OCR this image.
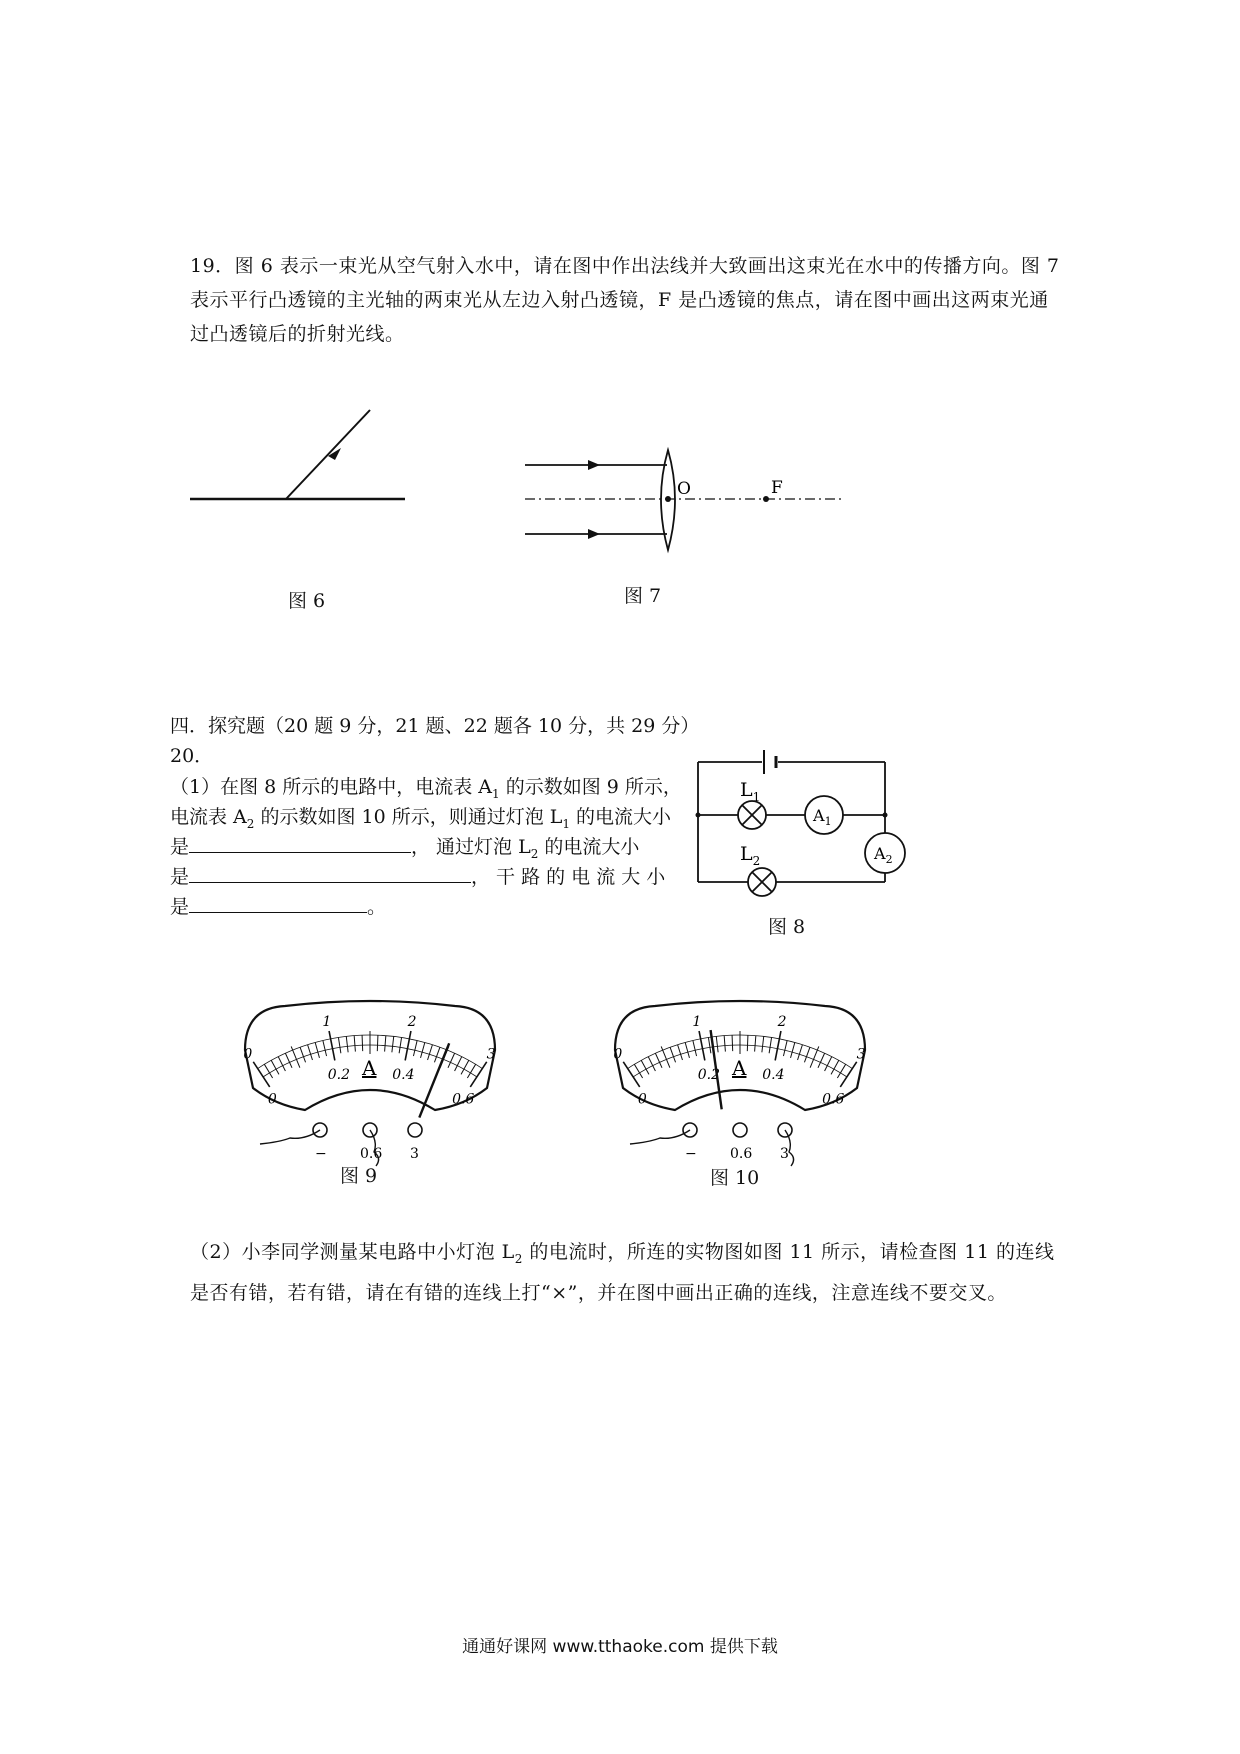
19．图 6 表示一束光从空气射入水中，请在图中作出法线并大致画出这束光在水中的传播方向。图 7 表示平行凸透镜的主光轴的两束光从左边入射凸透镜，F 是凸透镜的焦点，请在图中画出这两束光通过凸透镜后的折射光线。
图 6
O	F
图 7
四．探究题（20 题 9 分，21 题、22 题各 10 分，共 29 分）
20．
（1）在图 8 所示的电路中，电流表 $A_1$ 的示数如图 9 所示，
电流表 $A_2$ 的示数如图 10 所示，则通过灯泡 $L_1$ 的电流大小
是	， 通过灯泡 $L_2$ 的电流大小
是	， 干 路 的 电 流 大 小
是	。
$A_1$
$L_1$
$L_2$	$A_2$
图 8
0
1	2
3
0
0.2	0.4
0.6
A
− 0.6 3
图 9
0
1	2
3
0
0.2	0.4
0.6
A
− 0.6 3
图 10
（2）小李同学测量某电路中小灯泡 $L_2$ 的电流时，所连的实物图如图 11 所示，请检查图 11 的连线是否有错，若有错，请在有错的连线上打“×”，并在图中画出正确的连线，注意连线不要交叉。
通通好课网 www.tthaoke.com 提供下载
